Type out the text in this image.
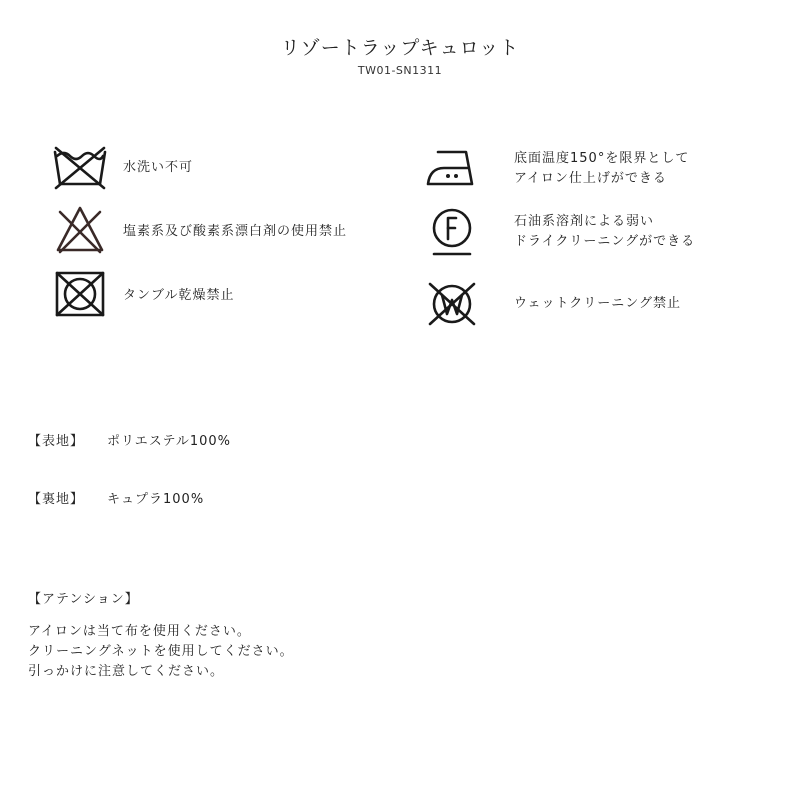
リゾートラップキュロット
TW01-SN1311
水洗い不可
塩素系及び酸素系漂白剤の使用禁止
タンブル乾燥禁止
底面温度150°を限界として
アイロン仕上げができる
石油系溶剤による弱い
ドライクリーニングができる
ウェットクリーニング禁止
【表地】 ポリエステル100%
【裏地】 キュプラ100%
【アテンション】
アイロンは当て布を使用ください。
クリーニングネットを使用してください。
引っかけに注意してください。
